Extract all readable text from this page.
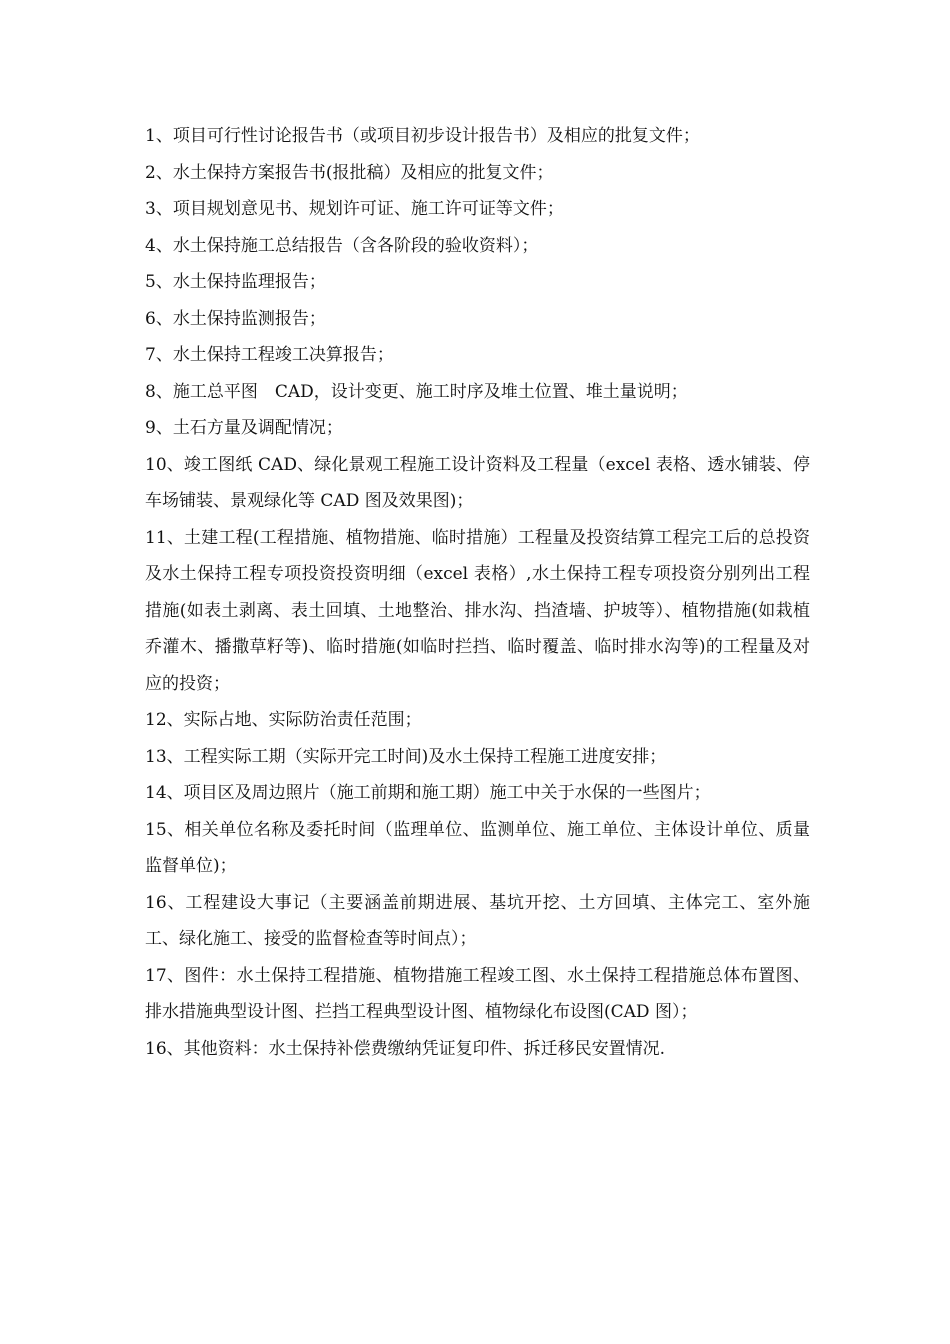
1、项目可行性讨论报告书（或项目初步设计报告书）及相应的批复文件；

2、水土保持方案报告书(报批稿）及相应的批复文件；

3、项目规划意见书、规划许可证、施工许可证等文件；

4、水土保持施工总结报告（含各阶段的验收资料）；

5、水土保持监理报告；

6、水土保持监测报告；

7、水土保持工程竣工决算报告；

8、施工总平图　CAD，设计变更、施工时序及堆土位置、堆土量说明；

9、土石方量及调配情况；

10、竣工图纸 CAD、绿化景观工程施工设计资料及工程量（excel 表格、透水铺装、停车场铺装、景观绿化等 CAD 图及效果图)；

11、土建工程(工程措施、植物措施、临时措施）工程量及投资结算工程完工后的总投资及水土保持工程专项投资投资明细（excel 表格）,水土保持工程专项投资分别列出工程措施(如表土剥离、表土回填、土地整治、排水沟、挡渣墙、护坡等）、植物措施(如栽植乔灌木、播撒草籽等)、临时措施(如临时拦挡、临时覆盖、临时排水沟等)的工程量及对应的投资；

12、实际占地、实际防治责任范围；

13、工程实际工期（实际开完工时间)及水土保持工程施工进度安排；

14、项目区及周边照片（施工前期和施工期）施工中关于水保的一些图片；

15、相关单位名称及委托时间（监理单位、监测单位、施工单位、主体设计单位、质量监督单位)；

16、工程建设大事记（主要涵盖前期进展、基坑开挖、土方回填、主体完工、室外施工、绿化施工、接受的监督检查等时间点）；

17、图件：水土保持工程措施、植物措施工程竣工图、水土保持工程措施总体布置图、排水措施典型设计图、拦挡工程典型设计图、植物绿化布设图(CAD 图）；

16、其他资料：水土保持补偿费缴纳凭证复印件、拆迁移民安置情况.
